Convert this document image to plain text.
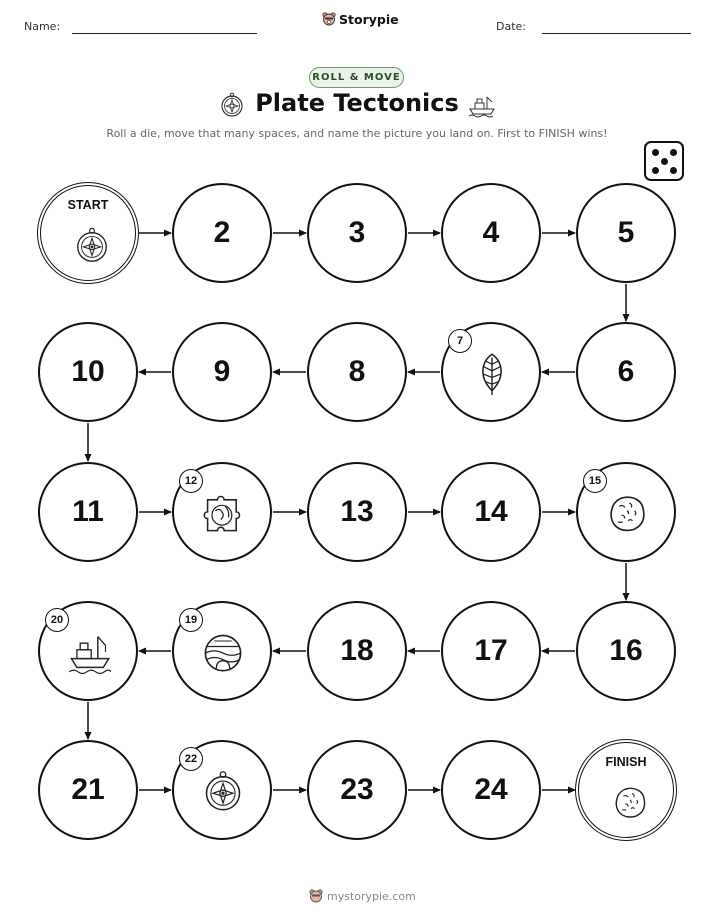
Name:	Storypie	Date:
ROLL & MOVE
Plate Tectonics
Roll a die, move that many spaces, and name the picture you land on. First to FINISH wins!
START
2	3	4	5
6
7
8
9
10
11
12
13	14
15
16
17
18
19
20
21
22
23	24
FINISH
mystorypie.com
